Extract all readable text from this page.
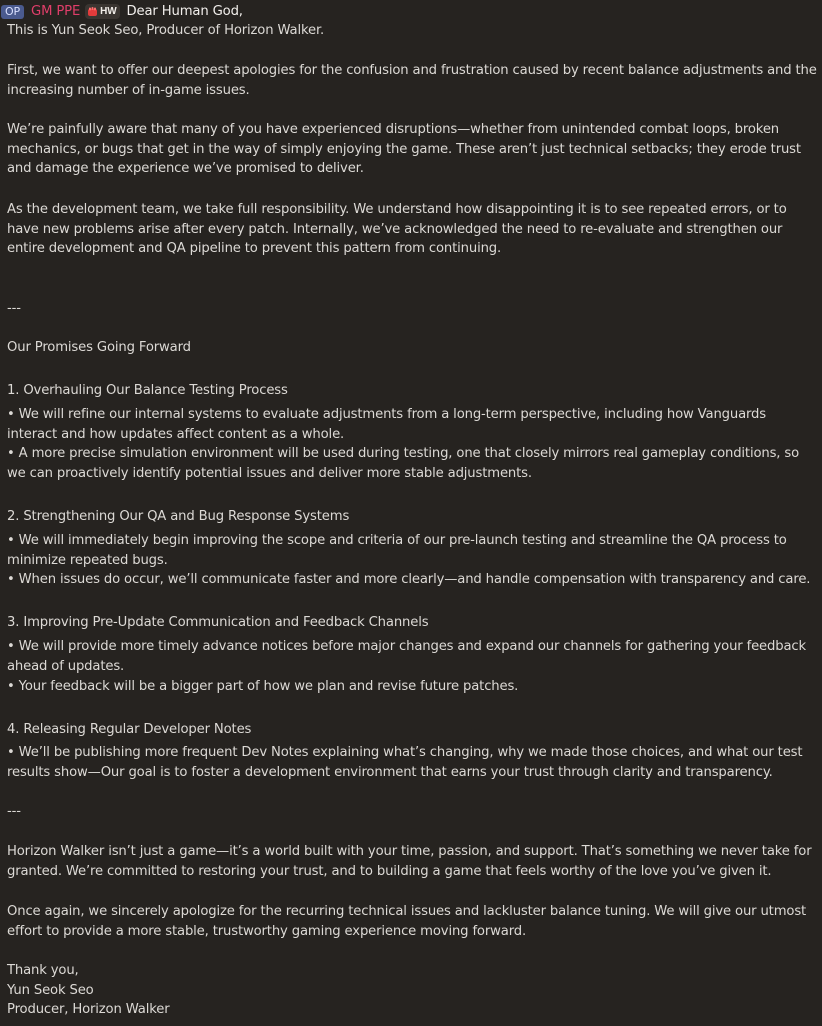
OP GM PPE HW Dear Human God,
This is Yun Seok Seo, Producer of Horizon Walker.
First, we want to offer our deepest apologies for the confusion and frustration caused by recent balance adjustments and the increasing number of in-game issues.
We’re painfully aware that many of you have experienced disruptions—whether from unintended combat loops, broken mechanics, or bugs that get in the way of simply enjoying the game. These aren’t just technical setbacks; they erode trust and damage the experience we’ve promised to deliver.
As the development team, we take full responsibility. We understand how disappointing it is to see repeated errors, or to have new problems arise after every patch. Internally, we’ve acknowledged the need to re-evaluate and strengthen our entire development and QA pipeline to prevent this pattern from continuing.
---
Our Promises Going Forward
1. Overhauling Our Balance Testing Process
• We will refine our internal systems to evaluate adjustments from a long-term perspective, including how Vanguards interact and how updates affect content as a whole.
• A more precise simulation environment will be used during testing, one that closely mirrors real gameplay conditions, so we can proactively identify potential issues and deliver more stable adjustments.
2. Strengthening Our QA and Bug Response Systems
• We will immediately begin improving the scope and criteria of our pre-launch testing and streamline the QA process to minimize repeated bugs.
• When issues do occur, we’ll communicate faster and more clearly—and handle compensation with transparency and care.
3. Improving Pre-Update Communication and Feedback Channels
• We will provide more timely advance notices before major changes and expand our channels for gathering your feedback ahead of updates.
• Your feedback will be a bigger part of how we plan and revise future patches.
4. Releasing Regular Developer Notes
• We’ll be publishing more frequent Dev Notes explaining what’s changing, why we made those choices, and what our test results show—Our goal is to foster a development environment that earns your trust through clarity and transparency.
---
Horizon Walker isn’t just a game—it’s a world built with your time, passion, and support. That’s something we never take for granted. We’re committed to restoring your trust, and to building a game that feels worthy of the love you’ve given it.
Once again, we sincerely apologize for the recurring technical issues and lackluster balance tuning. We will give our utmost effort to provide a more stable, trustworthy gaming experience moving forward.
Thank you,
Yun Seok Seo
Producer, Horizon Walker
